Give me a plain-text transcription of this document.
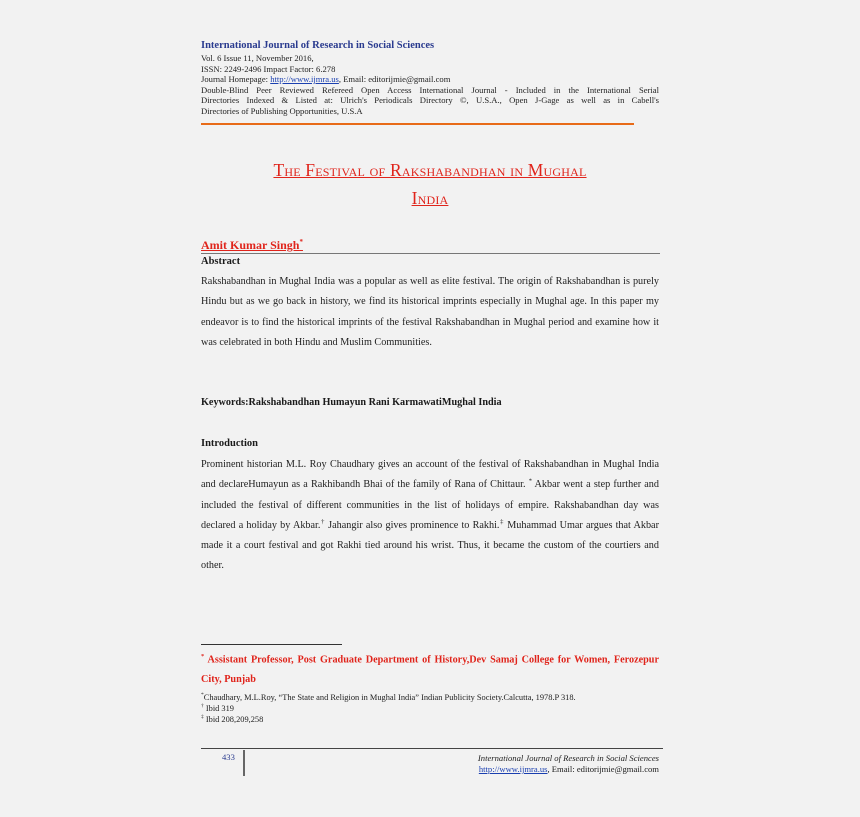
International Journal of Research in Social Sciences
Vol. 6 Issue 11, November 2016,
ISSN: 2249-2496 Impact Factor: 6.278
Journal Homepage: http://www.ijmra.us, Email: editorijmie@gmail.com
Double-Blind Peer Reviewed Refereed Open Access International Journal - Included in the International Serial
Directories Indexed & Listed at: Ulrich's Periodicals Directory ©, U.S.A., Open J-Gage as well as in Cabell's
Directories of Publishing Opportunities, U.S.A
The Festival of Rakshabandhan in Mughal
India
Amit Kumar Singh*
Abstract
Rakshabandhan in Mughal India was a popular as well as elite festival. The origin of Rakshabandhan is purely Hindu but as we go back in history, we find its historical imprints especially in Mughal age. In this paper my endeavor is to find the historical imprints of the festival Rakshabandhan in Mughal period and examine how it was celebrated in both Hindu and Muslim Communities.
Keywords:Rakshabandhan Humayun Rani KarmawatiMughal India
Introduction
Prominent historian M.L. Roy Chaudhary gives an account of the festival of Rakshabandhan in Mughal India and declareHumayun as a Rakhibandh Bhai of the family of Rana of Chittaur. * Akbar went a step further and included the festival of different communities in the list of holidays of empire. Rakshabandhan day was declared a holiday by Akbar.† Jahangir also gives prominence to Rakhi.‡ Muhammad Umar argues that Akbar made it a court festival and got Rakhi tied around his wrist. Thus, it became the custom of the courtiers and other.
* Assistant Professor, Post Graduate Department of History,Dev Samaj College for Women, Ferozepur City, Punjab
*Chaudhary, M.L.Roy, “The State and Religion in Mughal India” Indian Publicity Society.Calcutta, 1978.P 318.
† Ibid 319
‡ Ibid 208,209,258
433	International Journal of Research in Social Sciences
http://www.ijmra.us, Email: editorijmie@gmail.com
